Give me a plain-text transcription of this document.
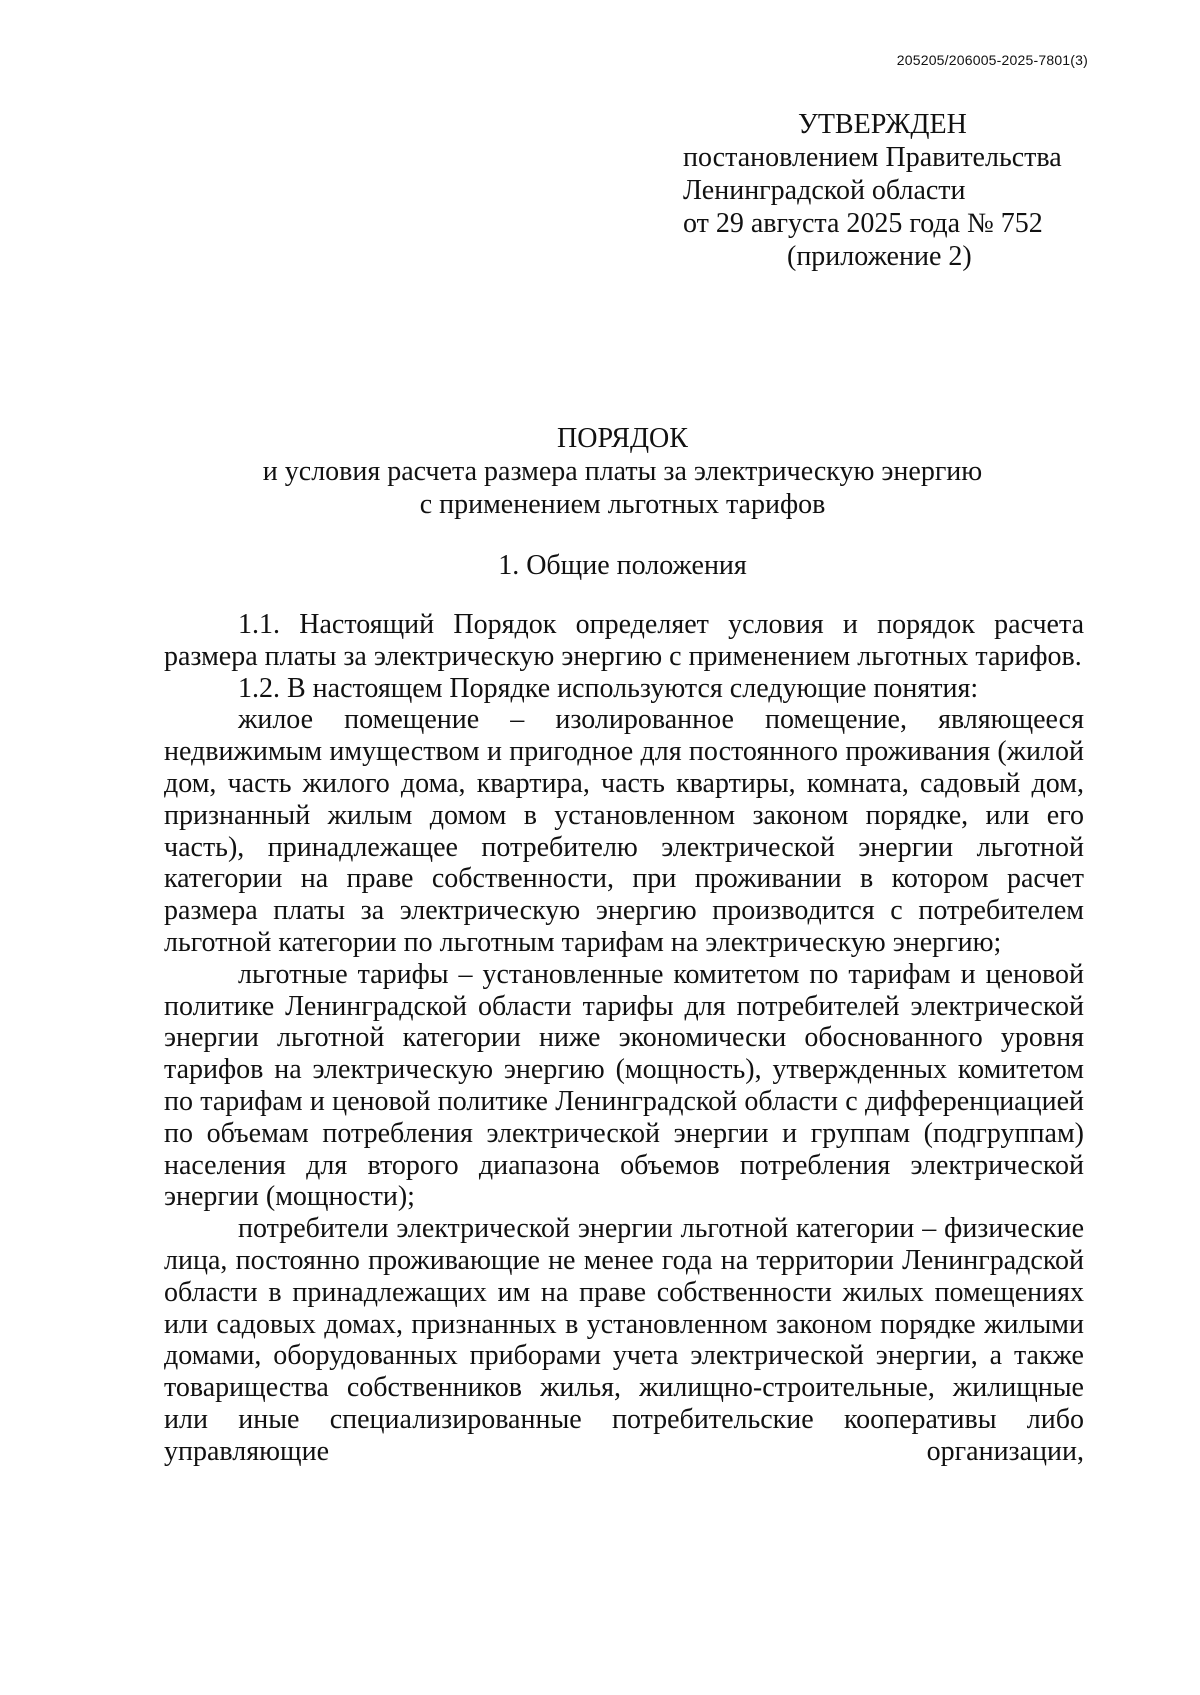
205205/206005-2025-7801(3)
УТВЕРЖДЕН
постановлением Правительства
Ленинградской области
от 29 августа 2025 года № 752
(приложение 2)
ПОРЯДОК
и условия расчета размера платы за электрическую энергию
с применением льготных тарифов
1. Общие положения

1.1. Настоящий Порядок определяет условия и порядок расчета размера платы за электрическую энергию с применением льготных тарифов.

1.2. В настоящем Порядке используются следующие понятия:

жилое помещение – изолированное помещение, являющееся недвижимым имуществом и пригодное для постоянного проживания (жилой дом, часть жилого дома, квартира, часть квартиры, комната, садовый дом, признанный жилым домом в установленном законом порядке, или его часть), принадлежащее потребителю электрической энергии льготной категории на праве собственности, при проживании в котором расчет размера платы за электрическую энергию производится с потребителем льготной категории по льготным тарифам на электрическую энергию;

льготные тарифы – установленные комитетом по тарифам и ценовой политике Ленинградской области тарифы для потребителей электрической энергии льготной категории ниже экономически обоснованного уровня тарифов на электрическую энергию (мощность), утвержденных комитетом по тарифам и ценовой политике Ленинградской области с дифференциацией по объемам потребления электрической энергии и группам (подгруппам) населения для второго диапазона объемов потребления электрической энергии (мощности);

потребители электрической энергии льготной категории – физические лица, постоянно проживающие не менее года на территории Ленинградской области в принадлежащих им на праве собственности жилых помещениях или садовых домах, признанных в установленном законом порядке жилыми домами, оборудованных приборами учета электрической энергии, а также товарищества собственников жилья, жилищно-строительные, жилищные или иные специализированные потребительские кооперативы либо управляющие организации,
